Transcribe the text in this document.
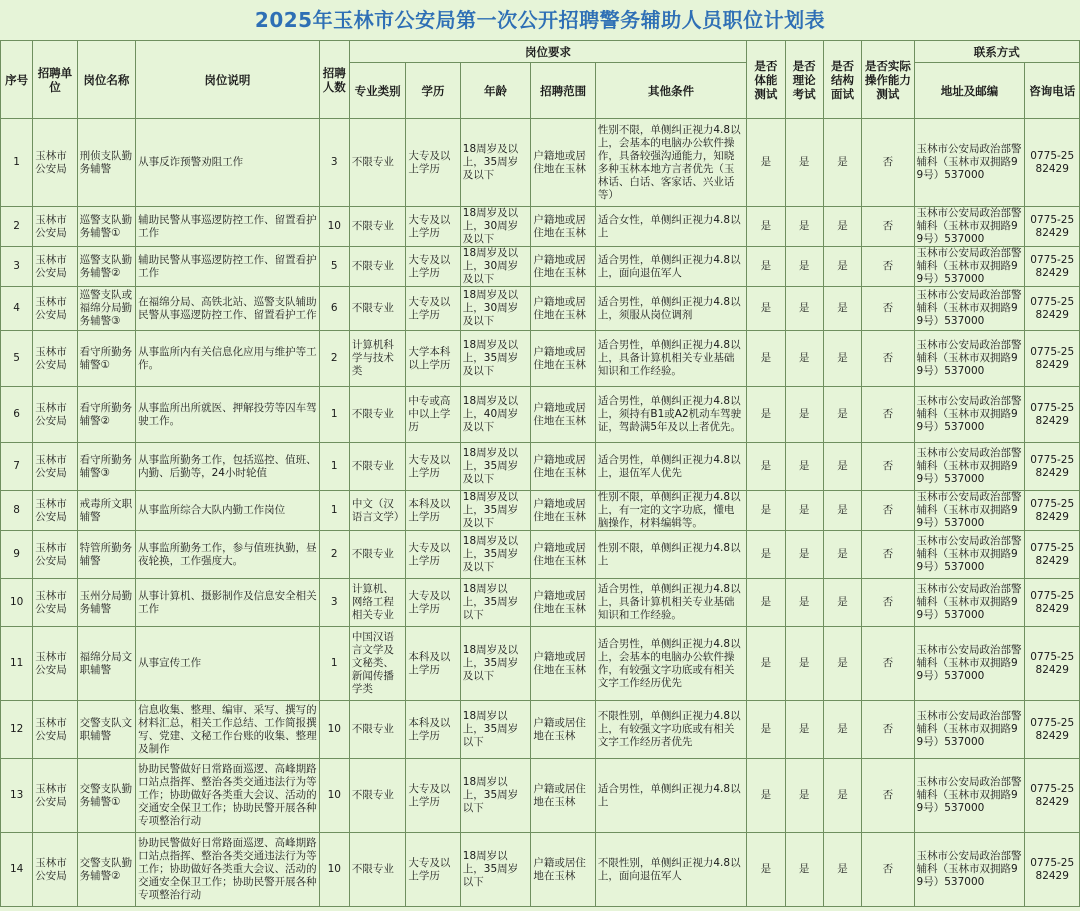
2025年玉林市公安局第一次公开招聘警务辅助人员职位计划表
序号	招聘单位	岗位名称	岗位说明	招聘人数	岗位要求					是否体能测试	是否理论考试	是否结构面试	是否实际操作能力测试	联系方式	
					专业类别	学历	年龄	招聘范围	其他条件					地址及邮编	咨询电话
1	玉林市公安局	刑侦支队勤务辅警	从事反诈预警劝阻工作	3	不限专业	大专及以上学历	18周岁及以上，35周岁及以下	户籍地或居住地在玉林	性别不限，单侧纠正视力4.8以上，会基本的电脑办公软件操作，具备较强沟通能力，知晓多种玉林本地方言者优先（玉林话、白话、客家话、兴业话等）	是	是	是	否	玉林市公安局政治部警辅科（玉林市双拥路99号）537000	0775-2582429
2	玉林市公安局	巡警支队勤务辅警①	辅助民警从事巡逻防控工作、留置看护工作	10	不限专业	大专及以上学历	18周岁及以上，30周岁及以下	户籍地或居住地在玉林	适合女性，单侧纠正视力4.8以上	是	是	是	否	玉林市公安局政治部警辅科（玉林市双拥路99号）537000	0775-2582429
3	玉林市公安局	巡警支队勤务辅警②	辅助民警从事巡逻防控工作、留置看护工作	5	不限专业	大专及以上学历	18周岁及以上，30周岁及以下	户籍地或居住地在玉林	适合男性，单侧纠正视力4.8以上，面向退伍军人	是	是	是	否	玉林市公安局政治部警辅科（玉林市双拥路99号）537000	0775-2582429
4	玉林市公安局	巡警支队或福绵分局勤务辅警③	在福绵分局、高铁北站、巡警支队辅助民警从事巡逻防控工作、留置看护工作	6	不限专业	大专及以上学历	18周岁及以上，30周岁及以下	户籍地或居住地在玉林	适合男性，单侧纠正视力4.8以上，须服从岗位调剂	是	是	是	否	玉林市公安局政治部警辅科（玉林市双拥路99号）537000	0775-2582429
5	玉林市公安局	看守所勤务辅警①	从事监所内有关信息化应用与维护等工作。	2	计算机科学与技术类	大学本科以上学历	18周岁及以上，35周岁及以下	户籍地或居住地在玉林	适合男性，单侧纠正视力4.8以上，具备计算机相关专业基础知识和工作经验。	是	是	是	否	玉林市公安局政治部警辅科（玉林市双拥路99号）537000	0775-2582429
6	玉林市公安局	看守所勤务辅警②	从事监所出所就医、押解投劳等囚车驾驶工作。	1	不限专业	中专或高中以上学历	18周岁及以上，40周岁及以下	户籍地或居住地在玉林	适合男性，单侧纠正视力4.8以上，须持有B1或A2机动车驾驶证，驾龄满5年及以上者优先。	是	是	是	否	玉林市公安局政治部警辅科（玉林市双拥路99号）537000	0775-2582429
7	玉林市公安局	看守所勤务辅警③	从事监所勤务工作，包括巡控、值班、内勤、后勤等，24小时轮值	1	不限专业	大专及以上学历	18周岁及以上，35周岁及以下	户籍地或居住地在玉林	适合男性，单侧纠正视力4.8以上，退伍军人优先	是	是	是	否	玉林市公安局政治部警辅科（玉林市双拥路99号）537000	0775-2582429
8	玉林市公安局	戒毒所文职辅警	从事监所综合大队内勤工作岗位	1	中文（汉语言文学）	本科及以上学历	18周岁及以上，35周岁及以下	户籍地或居住地在玉林	性别不限，单侧纠正视力4.8以上，有一定的文字功底，懂电脑操作，材料编辑等。	是	是	是	否	玉林市公安局政治部警辅科（玉林市双拥路99号）537000	0775-2582429
9	玉林市公安局	特管所勤务辅警	从事监所勤务工作，参与值班执勤，昼夜轮换，工作强度大。	2	不限专业	大专及以上学历	18周岁及以上，35周岁及以下	户籍地或居住地在玉林	性别不限，单侧纠正视力4.8以上	是	是	是	否	玉林市公安局政治部警辅科（玉林市双拥路99号）537000	0775-2582429
10	玉林市公安局	玉州分局勤务辅警	从事计算机、摄影制作及信息安全相关工作	3	计算机、网络工程相关专业	大专及以上学历	18周岁以上，35周岁以下	户籍地或居住地在玉林	适合男性，单侧纠正视力4.8以上，具备计算机相关专业基础知识和工作经验。	是	是	是	否	玉林市公安局政治部警辅科（玉林市双拥路99号）537000	0775-2582429
11	玉林市公安局	福绵分局文职辅警	从事宣传工作	1	中国汉语言文学及文秘类、新闻传播学类	本科及以上学历	18周岁及以上，35周岁及以下	户籍地或居住地在玉林	适合男性，单侧纠正视力4.8以上，会基本的电脑办公软件操作，有较强文字功底或有相关文字工作经历优先	是	是	是	否	玉林市公安局政治部警辅科（玉林市双拥路99号）537000	0775-2582429
12	玉林市公安局	交警支队文职辅警	信息收集、整理、编审、采写、撰写的材料汇总，相关工作总结、工作简报撰写、党建、文秘工作台账的收集、整理及制作	10	不限专业	本科及以上学历	18周岁以上，35周岁以下	户籍或居住地在玉林	不限性别，单侧纠正视力4.8以上，有较强文字功底或有相关文字工作经历者优先	是	是	是	否	玉林市公安局政治部警辅科（玉林市双拥路99号）537000	0775-2582429
13	玉林市公安局	交警支队勤务辅警①	协助民警做好日常路面巡逻、高峰期路口站点指挥、整治各类交通违法行为等工作；协助做好各类重大会议、活动的交通安全保卫工作；协助民警开展各种专项整治行动	10	不限专业	大专及以上学历	18周岁以上，35周岁以下	户籍或居住地在玉林	适合男性，单侧纠正视力4.8以上	是	是	是	否	玉林市公安局政治部警辅科（玉林市双拥路99号）537000	0775-2582429
14	玉林市公安局	交警支队勤务辅警②	协助民警做好日常路面巡逻、高峰期路口站点指挥、整治各类交通违法行为等工作；协助做好各类重大会议、活动的交通安全保卫工作；协助民警开展各种专项整治行动	10	不限专业	大专及以上学历	18周岁以上，35周岁以下	户籍或居住地在玉林	不限性别，单侧纠正视力4.8以上，面向退伍军人	是	是	是	否	玉林市公安局政治部警辅科（玉林市双拥路99号）537000	0775-2582429
